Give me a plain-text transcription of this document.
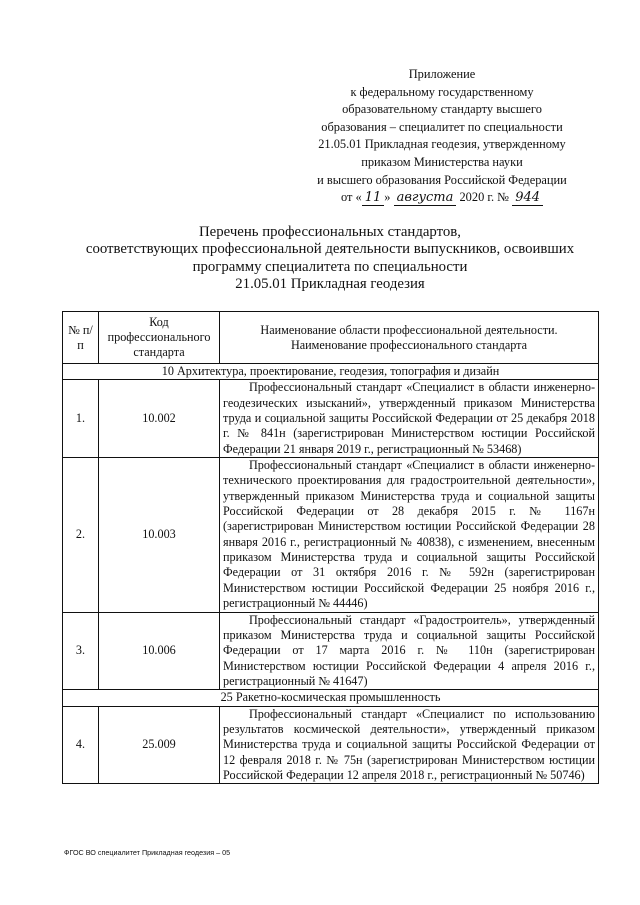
Приложение
к федеральному государственному
образовательному стандарту высшего
образования – специалитет по специальности
21.05.01 Прикладная геодезия, утвержденному
приказом Министерства науки
и высшего образования Российской Федерации
от « 11 » августа 2020 г. № 944
Перечень профессиональных стандартов,
соответствующих профессиональной деятельности выпускников, освоивших
программу специалитета по специальности
21.05.01 Прикладная геодезия
№ п/п	Код профессионального стандарта	Наименование области профессиональной деятельности. Наименование профессионального стандарта
10 Архитектура, проектирование, геодезия, топография и дизайн		
1.	10.002	Профессиональный стандарт «Специалист в области инженерно-геодезических изысканий», утвержденный приказом Министерства труда и социальной защиты Российской Федерации от 25 декабря 2018 г. № 841н (зарегистрирован Министерством юстиции Российской Федерации 21 января 2019 г., регистрационный № 53468)
2.	10.003	Профессиональный стандарт «Специалист в области инженерно-технического проектирования для градостроительной деятельности», утвержденный приказом Министерства труда и социальной защиты Российской Федерации от 28 декабря 2015 г. № 1167н (зарегистрирован Министерством юстиции Российской Федерации 28 января 2016 г., регистрационный № 40838), с изменением, внесенным приказом Министерства труда и социальной защиты Российской Федерации от 31 октября 2016 г. № 592н (зарегистрирован Министерством юстиции Российской Федерации 25 ноября 2016 г., регистрационный № 44446)
3.	10.006	Профессиональный стандарт «Градостроитель», утвержденный приказом Министерства труда и социальной защиты Российской Федерации от 17 марта 2016 г. № 110н (зарегистрирован Министерством юстиции Российской Федерации 4 апреля 2016 г., регистрационный № 41647)
25 Ракетно-космическая промышленность		
4.	25.009	Профессиональный стандарт «Специалист по использованию результатов космической деятельности», утвержденный приказом Министерства труда и социальной защиты Российской Федерации от 12 февраля 2018 г. № 75н (зарегистрирован Министерством юстиции Российской Федерации 12 апреля 2018 г., регистрационный № 50746)
ФГОС ВО специалитет Прикладная геодезия – 05
